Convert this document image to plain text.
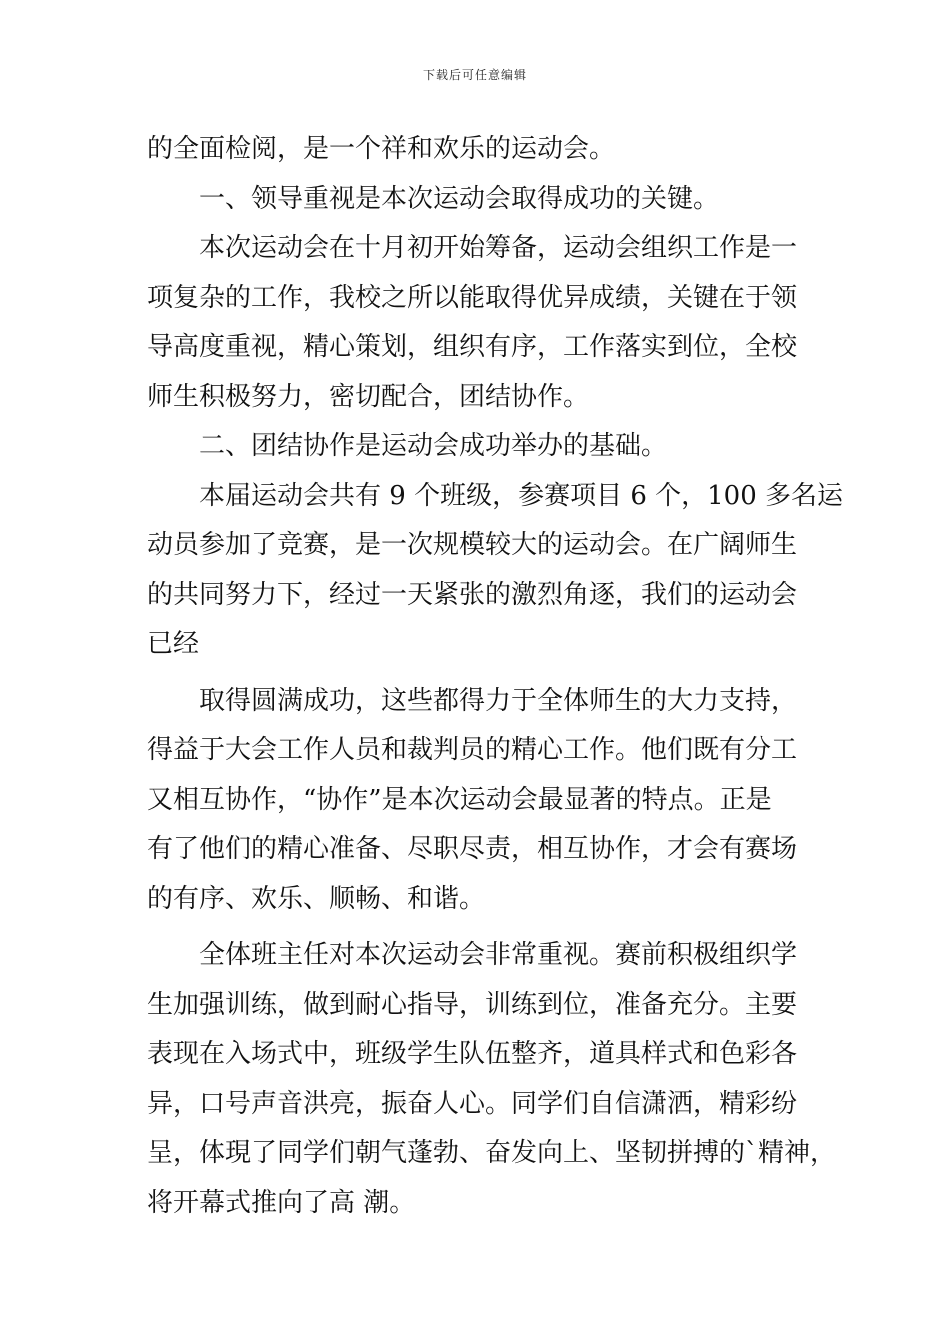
下载后可任意编辑
的全面检阅，是一个祥和欢乐的运动会。
一、领导重视是本次运动会取得成功的关键。
本次运动会在十月初开始筹备，运动会组织工作是一
项复杂的工作，我校之所以能取得优异成绩，关键在于领
导高度重视，精心策划，组织有序，工作落实到位，全校
师生积极努力，密切配合，团结协作。
二、团结协作是运动会成功举办的基础。
本届运动会共有 9 个班级，参赛项目 6 个，100 多名运
动员参加了竞赛，是一次规模较大的运动会。在广阔师生
的共同努力下，经过一天紧张的激烈角逐，我们的运动会
已经
取得圆满成功，这些都得力于全体师生的大力支持，
得益于大会工作人员和裁判员的精心工作。他们既有分工
又相互协作，“协作”是本次运动会最显著的特点。正是
有了他们的精心准备、尽职尽责，相互协作，才会有赛场
的有序、欢乐、顺畅、和谐。
全体班主任对本次运动会非常重视。赛前积极组织学
生加强训练，做到耐心指导，训练到位，准备充分。主要
表现在入场式中，班级学生队伍整齐，道具样式和色彩各
异，口号声音洪亮，振奋人心。同学们自信潇洒，精彩纷
呈，体現了同学们朝气蓬勃、奋发向上、坚韧拼搏的`精神，
将开幕式推向了高 潮。
